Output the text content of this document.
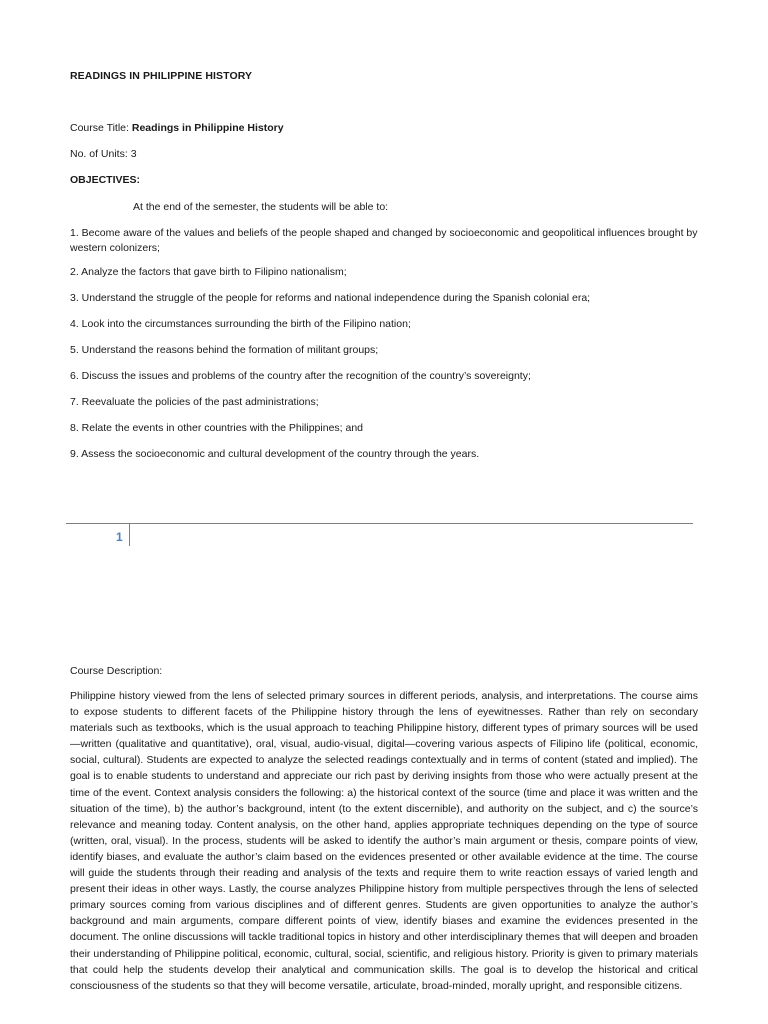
READINGS IN PHILIPPINE HISTORY
Course Title: Readings in Philippine History
No. of Units: 3
OBJECTIVES:
At the end of the semester, the students will be able to:
1. Become aware of the values and beliefs of the people shaped and changed by socioeconomic and geopolitical influences brought by western colonizers;
2. Analyze the factors that gave birth to Filipino nationalism;
3. Understand the struggle of the people for reforms and national independence during the Spanish colonial era;
4. Look into the circumstances surrounding the birth of the Filipino nation;
5. Understand the reasons behind the formation of militant groups;
6. Discuss the issues and problems of the country after the recognition of the country’s sovereignty;
7. Reevaluate the policies of the past administrations;
8. Relate the events in other countries with the Philippines; and
9. Assess the socioeconomic and cultural development of the country through the years.
1
Course Description:
Philippine history viewed from the lens of selected primary sources in different periods, analysis, and interpretations. The course aims to expose students to different facets of the Philippine history through the lens of eyewitnesses. Rather than rely on secondary materials such as textbooks, which is the usual approach to teaching Philippine history, different types of primary sources will be used—written (qualitative and quantitative), oral, visual, audio-visual, digital—covering various aspects of Filipino life (political, economic, social, cultural). Students are expected to analyze the selected readings contextually and in terms of content (stated and implied). The goal is to enable students to understand and appreciate our rich past by deriving insights from those who were actually present at the time of the event. Context analysis considers the following: a) the historical context of the source (time and place it was written and the situation of the time), b) the author’s background, intent (to the extent discernible), and authority on the subject, and c) the source’s relevance and meaning today. Content analysis, on the other hand, applies appropriate techniques depending on the type of source (written, oral, visual). In the process, students will be asked to identify the author’s main argument or thesis, compare points of view, identify biases, and evaluate the author’s claim based on the evidences presented or other available evidence at the time. The course will guide the students through their reading and analysis of the texts and require them to write reaction essays of varied length and present their ideas in other ways. Lastly, the course analyzes Philippine history from multiple perspectives through the lens of selected primary sources coming from various disciplines and of different genres. Students are given opportunities to analyze the author’s background and main arguments, compare different points of view, identify biases and examine the evidences presented in the document. The online discussions will tackle traditional topics in history and other interdisciplinary themes that will deepen and broaden their understanding of Philippine political, economic, cultural, social, scientific, and religious history. Priority is given to primary materials that could help the students develop their analytical and communication skills. The goal is to develop the historical and critical consciousness of the students so that they will become versatile, articulate, broad-minded, morally upright, and responsible citizens.
